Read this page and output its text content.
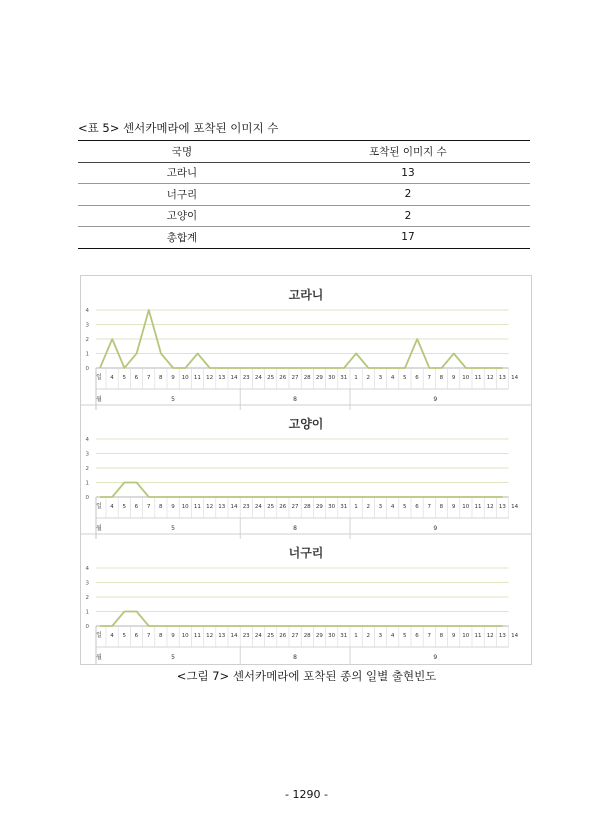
<표 5> 센서카메라에 포착된 이미지 수
국명	포착된 이미지 수
고라니	13
너구리	2
고양이	2
총합계	17
고라니
0
1
2
3
4
일
월
4 5 6 7 8 9 10 11 12 13 14 23 24 25 26 27 28 29 30 31 1 2 3 4 5 6 7 8 9 10 11 12 13 14
5	8	9
고양이
0
1
2
3
4
일
월
4 5 6 7 8 9 10 11 12 13 14 23 24 25 26 27 28 29 30 31 1 2 3 4 5 6 7 8 9 10 11 12 13 14
5	8	9
너구리
0
1
2
3
4
일
월
4 5 6 7 8 9 10 11 12 13 14 23 24 25 26 27 28 29 30 31 1 2 3 4 5 6 7 8 9 10 11 12 13 14
5	8	9
<그림 7> 센서카메라에 포착된 종의 일별 출현빈도
- 1290 -
